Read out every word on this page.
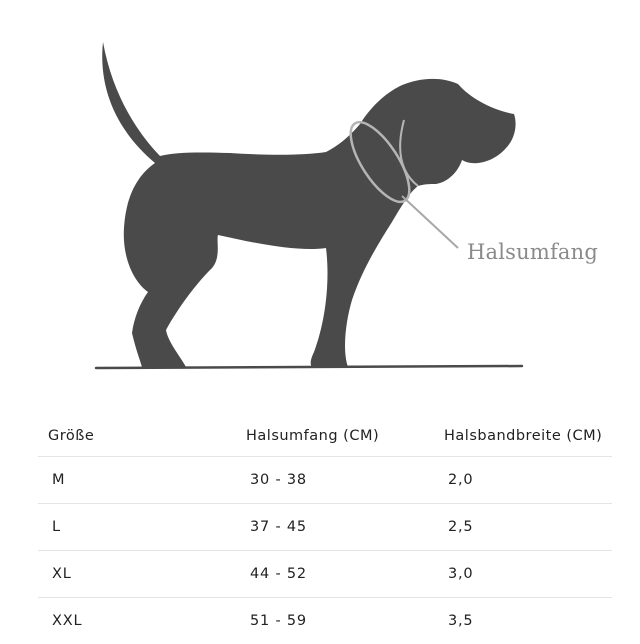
Halsumfang
Größe	Halsumfang (CM)	Halsbandbreite (CM)
M	30 - 38	2,0
L	37 - 45	2,5
XL	44 - 52	3,0
XXL	51 - 59	3,5
